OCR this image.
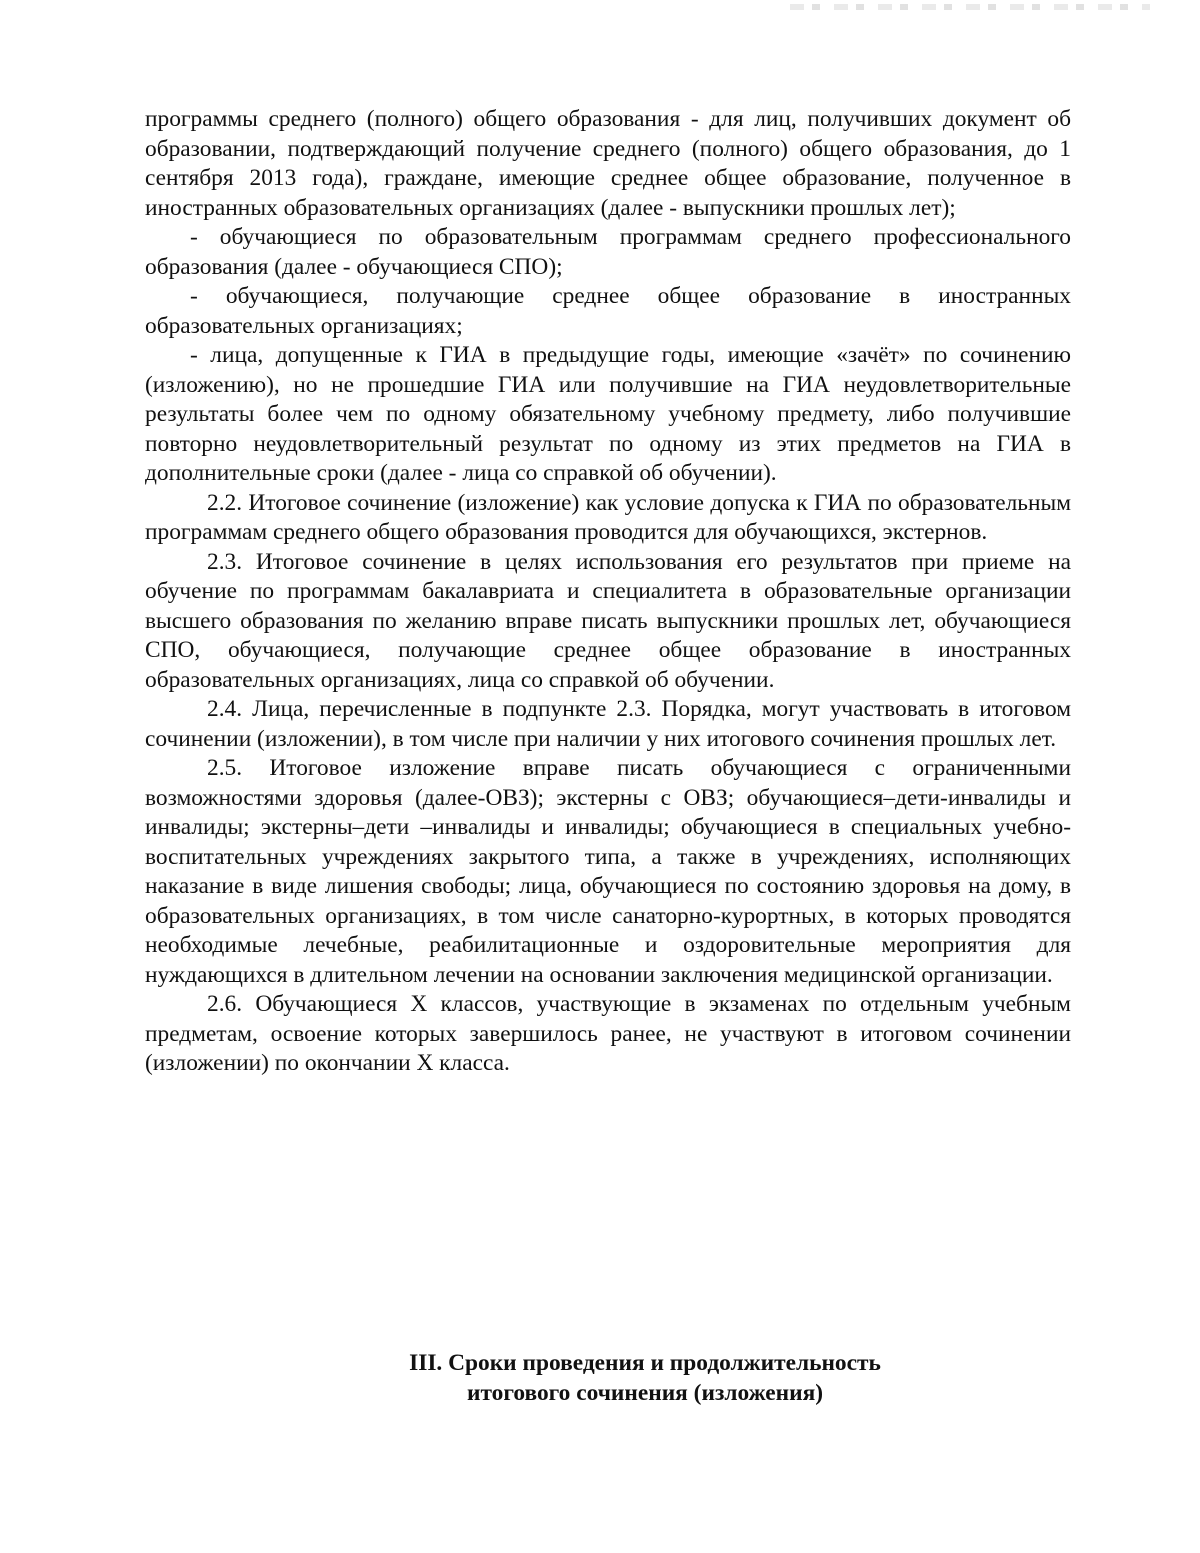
программы среднего (полного) общего образования - для лиц, получивших документ об образовании, подтверждающий получение среднего (полного) общего образования, до 1 сентября 2013 года), граждане, имеющие среднее общее образование, полученное в иностранных образовательных организациях (далее - выпускники прошлых лет);

- обучающиеся по образовательным программам среднего профессионального образования (далее - обучающиеся СПО);

- обучающиеся, получающие среднее общее образование в иностранных образовательных организациях;

- лица, допущенные к ГИА в предыдущие годы, имеющие «зачёт» по сочинению (изложению), но не прошедшие ГИА или получившие на ГИА неудовлетворительные результаты более чем по одному обязательному учебному предмету, либо получившие повторно неудовлетворительный результат по одному из этих предметов на ГИА в дополнительные сроки (далее - лица со справкой об обучении).

2.2. Итоговое сочинение (изложение) как условие допуска к ГИА по образовательным программам среднего общего образования проводится для обучающихся, экстернов.

2.3. Итоговое сочинение в целях использования его результатов при приеме на обучение по программам бакалавриата и специалитета в образовательные организации высшего образования по желанию вправе писать выпускники прошлых лет, обучающиеся СПО, обучающиеся, получающие среднее общее образование в иностранных образовательных организациях, лица со справкой об обучении.

2.4. Лица, перечисленные в подпункте 2.3. Порядка, могут участвовать в итоговом сочинении (изложении), в том числе при наличии у них итогового сочинения прошлых лет.

2.5. Итоговое изложение вправе писать обучающиеся с ограниченными возможностями здоровья (далее-ОВЗ); экстерны с ОВЗ; обучающиеся–дети-инвалиды и инвалиды; экстерны–дети –инвалиды и инвалиды; обучающиеся в специальных учебно-воспитательных учреждениях закрытого типа, а также в учреждениях, исполняющих наказание в виде лишения свободы; лица, обучающиеся по состоянию здоровья на дому, в образовательных организациях, в том числе санаторно-курортных, в которых проводятся необходимые лечебные, реабилитационные и оздоровительные мероприятия для нуждающихся в длительном лечении на основании заключения медицинской организации.

2.6. Обучающиеся X классов, участвующие в экзаменах по отдельным учебным предметам, освоение которых завершилось ранее, не участвуют в итоговом сочинении (изложении) по окончании X класса.

III. Сроки проведения и продолжительность
итогового сочинения (изложения)
